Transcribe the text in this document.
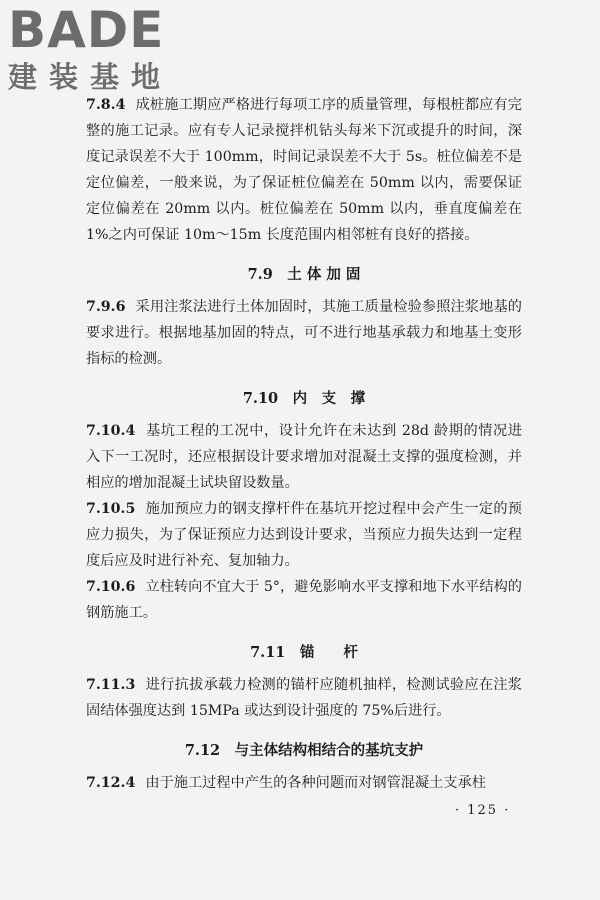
BADE
建装基地

7.8.4 成桩施工期应严格进行每项工序的质量管理，每根桩都应有完整的施工记录。应有专人记录搅拌机钻头每米下沉或提升的时间，深度记录误差不大于 100mm，时间记录误差不大于 5s。桩位偏差不是定位偏差，一般来说，为了保证桩位偏差在 50mm 以内，需要保证定位偏差在 20mm 以内。桩位偏差在 50mm 以内，垂直度偏差在 1%之内可保证 10m～15m 长度范围内相邻桩有良好的搭接。

7.9　土 体 加 固

7.9.6 采用注浆法进行土体加固时，其施工质量检验参照注浆地基的要求进行。根据地基加固的特点，可不进行地基承载力和地基土变形指标的检测。

7.10　内　支　撑

7.10.4 基坑工程的工况中，设计允许在未达到 28d 龄期的情况进入下一工况时，还应根据设计要求增加对混凝土支撑的强度检测，并相应的增加混凝土试块留设数量。

7.10.5 施加预应力的钢支撑杆件在基坑开挖过程中会产生一定的预应力损失，为了保证预应力达到设计要求，当预应力损失达到一定程度后应及时进行补充、复加轴力。

7.10.6 立柱转向不宜大于 5°，避免影响水平支撑和地下水平结构的钢筋施工。

7.11　锚　　杆

7.11.3 进行抗拔承载力检测的锚杆应随机抽样，检测试验应在注浆固结体强度达到 15MPa 或达到设计强度的 75%后进行。

7.12　与主体结构相结合的基坑支护

7.12.4 由于施工过程中产生的各种问题而对钢管混凝土支承柱

· 125 ·
